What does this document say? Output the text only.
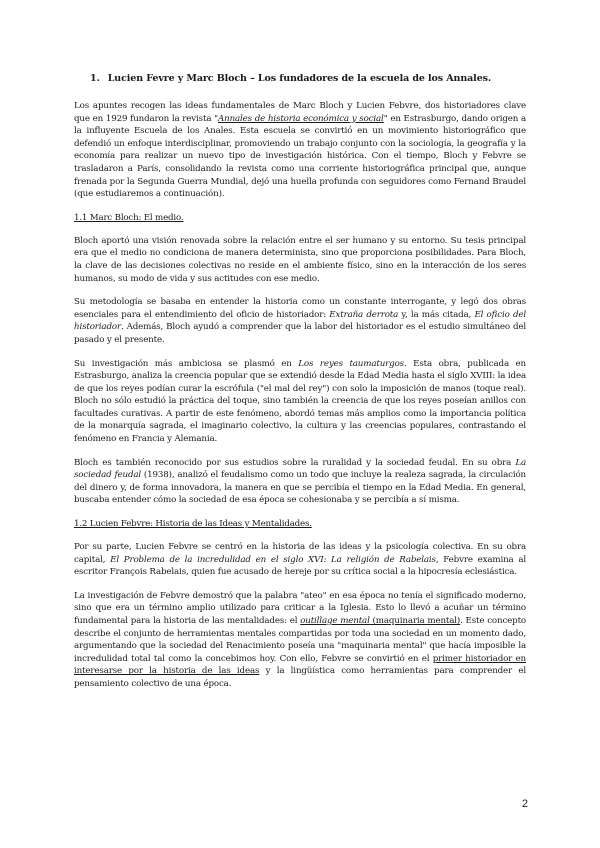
1. Lucien Fevre y Marc Bloch – Los fundadores de la escuela de los Annales.

Los apuntes recogen las ideas fundamentales de Marc Bloch y Lucien Febvre, dos historiadores clave que en 1929 fundaron la revista "Annales de historia económica y social" en Estrasburgo, dando origen a la influyente Escuela de los Anales. Esta escuela se convirtió en un movimiento historiográfico que defendió un enfoque interdisciplinar, promoviendo un trabajo conjunto con la sociología, la geografía y la economía para realizar un nuevo tipo de investigación histórica. Con el tiempo, Bloch y Febvre se trasladaron a París, consolidando la revista como una corriente historiográfica principal que, aunque frenada por la Segunda Guerra Mundial, dejó una huella profunda con seguidores como Fernand Braudel (que estudiaremos a continuación).

1.1 Marc Bloch: El medio.

Bloch aportó una visión renovada sobre la relación entre el ser humano y su entorno. Su tesis principal era que el medio no condiciona de manera determinista, sino que proporciona posibilidades. Para Bloch, la clave de las decisiones colectivas no reside en el ambiente físico, sino en la interacción de los seres humanos, su modo de vida y sus actitudes con ese medio.

Su metodología se basaba en entender la historia como un constante interrogante, y legó dos obras esenciales para el entendimiento del oficio de historiador: Extraña derrota y, la más citada, El oficio del historiador. Además, Bloch ayudó a comprender que la labor del historiador es el estudio simultáneo del pasado y el presente.

Su investigación más ambiciosa se plasmó en Los reyes taumaturgos. Esta obra, publicada en Estrasburgo, analiza la creencia popular que se extendió desde la Edad Media hasta el siglo XVIII: la idea de que los reyes podían curar la escrófula ("el mal del rey") con solo la imposición de manos (toque real). Bloch no sólo estudió la práctica del toque, sino también la creencia de que los reyes poseían anillos con facultades curativas. A partir de este fenómeno, abordó temas más amplios como la importancia política de la monarquía sagrada, el imaginario colectivo, la cultura y las creencias populares, contrastando el fenómeno en Francia y Alemania.

Bloch es también reconocido por sus estudios sobre la ruralidad y la sociedad feudal. En su obra La sociedad feudal (1938), analizó el feudalismo como un todo que incluye la realeza sagrada, la circulación del dinero y, de forma innovadora, la manera en que se percibía el tiempo en la Edad Media. En general, buscaba entender cómo la sociedad de esa época se cohesionaba y se percibía a sí misma.

1.2 Lucien Febvre: Historia de las Ideas y Mentalidades.

Por su parte, Lucien Febvre se centró en la historia de las ideas y la psicología colectiva. En su obra capital, El Problema de la incredulidad en el siglo XVI: La religión de Rabelais, Febvre examina al escritor François Rabelais, quien fue acusado de hereje por su crítica social a la hipocresía eclesiástica.

La investigación de Febvre demostró que la palabra "ateo" en esa época no tenía el significado moderno, sino que era un término amplio utilizado para criticar a la Iglesia. Esto lo llevó a acuñar un término fundamental para la historia de las mentalidades: el outillage mental (maquinaria mental). Este concepto describe el conjunto de herramientas mentales compartidas por toda una sociedad en un momento dado, argumentando que la sociedad del Renacimiento poseía una "maquinaria mental" que hacía imposible la incredulidad total tal como la concebimos hoy. Con ello, Febvre se convirtió en el primer historiador en interesarse por la historia de las ideas y la lingüística como herramientas para comprender el pensamiento colectivo de una época.

2
